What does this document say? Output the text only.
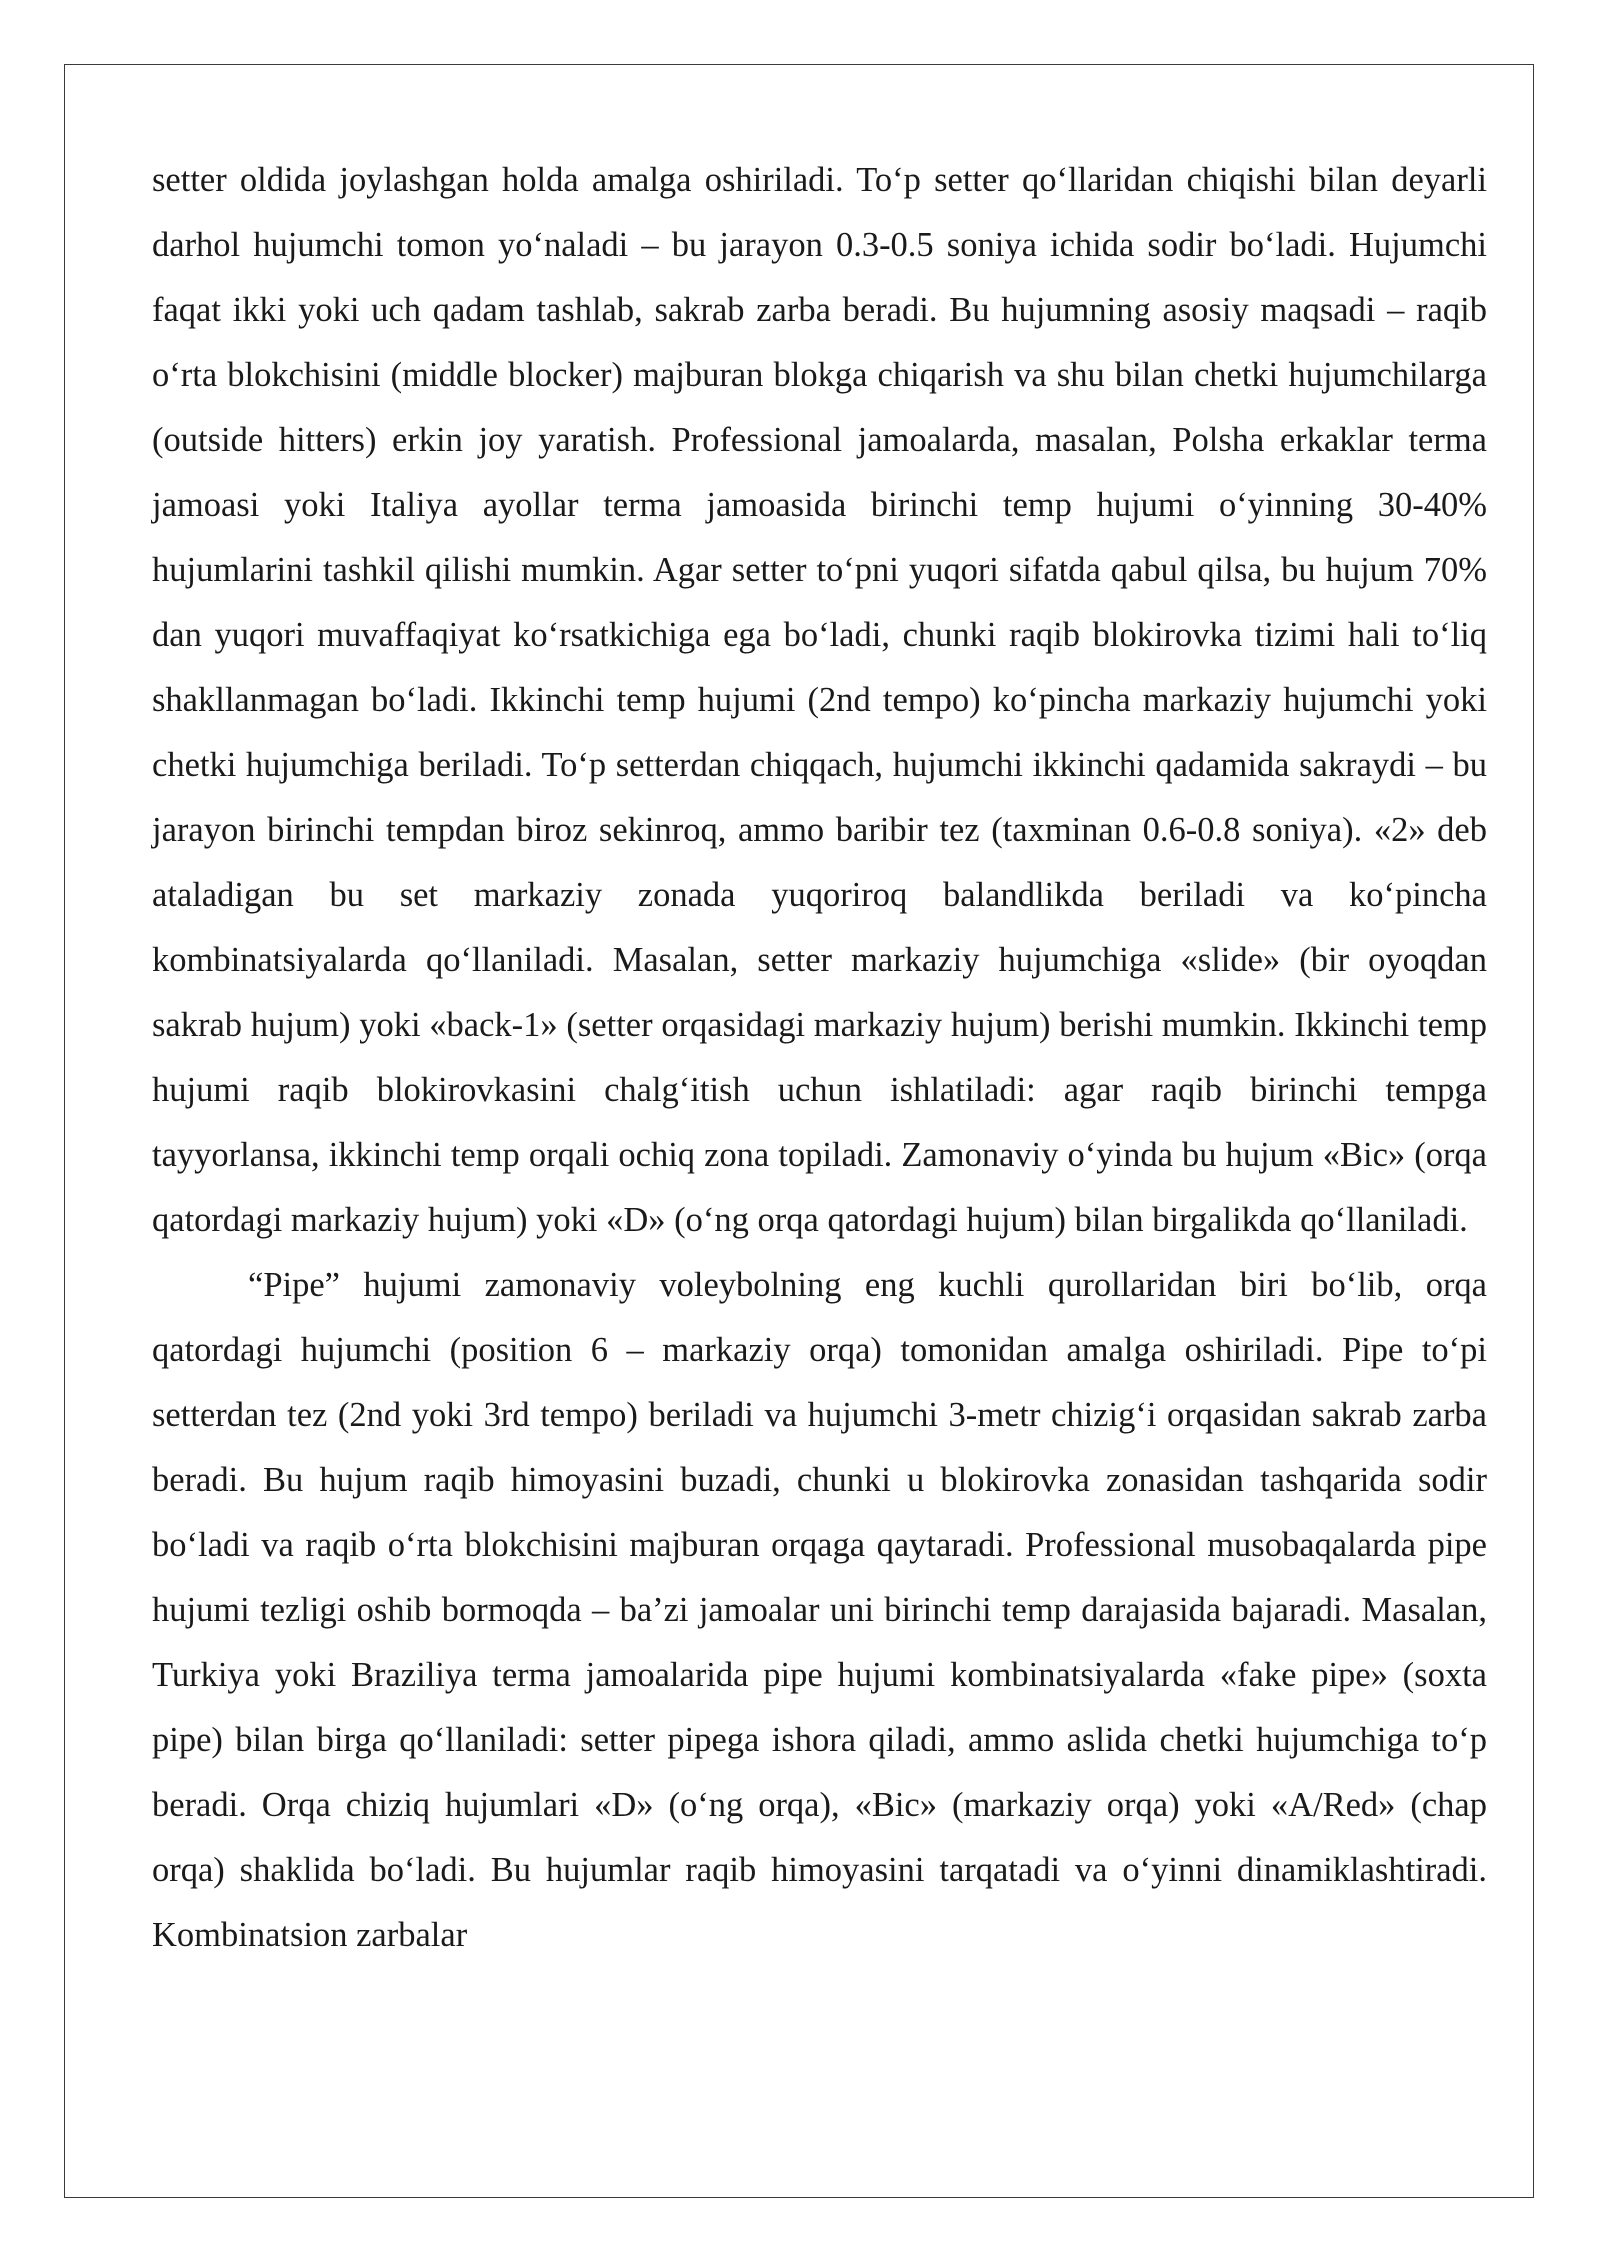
setter oldida joylashgan holda amalga oshiriladi. To‘p setter qo‘llaridan chiqishi bilan deyarli darhol hujumchi tomon yo‘naladi – bu jarayon 0.3-0.5 soniya ichida sodir bo‘ladi. Hujumchi faqat ikki yoki uch qadam tashlab, sakrab zarba beradi. Bu hujumning asosiy maqsadi – raqib o‘rta blokchisini (middle blocker) majburan blokga chiqarish va shu bilan chetki hujumchilarga (outside hitters) erkin joy yaratish. Professional jamoalarda, masalan, Polsha erkaklar terma jamoasi yoki Italiya ayollar terma jamoasida birinchi temp hujumi o‘yinning 30-40% hujumlarini tashkil qilishi mumkin. Agar setter to‘pni yuqori sifatda qabul qilsa, bu hujum 70% dan yuqori muvaffaqiyat ko‘rsatkichiga ega bo‘ladi, chunki raqib blokirovka tizimi hali to‘liq shakllanmagan bo‘ladi. Ikkinchi temp hujumi (2nd tempo) ko‘pincha markaziy hujumchi yoki chetki hujumchiga beriladi. To‘p setterdan chiqqach, hujumchi ikkinchi qadamida sakraydi – bu jarayon birinchi tempdan biroz sekinroq, ammo baribir tez (taxminan 0.6-0.8 soniya). «2» deb ataladigan bu set markaziy zonada yuqoriroq balandlikda beriladi va ko‘pincha kombinatsiyalarda qo‘llaniladi. Masalan, setter markaziy hujumchiga «slide» (bir oyoqdan sakrab hujum) yoki «back-1» (setter orqasidagi markaziy hujum) berishi mumkin. Ikkinchi temp hujumi raqib blokirovkasini chalg‘itish uchun ishlatiladi: agar raqib birinchi tempga tayyorlansa, ikkinchi temp orqali ochiq zona topiladi. Zamonaviy o‘yinda bu hujum «Bic» (orqa qatordagi markaziy hujum) yoki «D» (o‘ng orqa qatordagi hujum) bilan birgalikda qo‘llaniladi.

“Pipe” hujumi zamonaviy voleybolning eng kuchli qurollaridan biri bo‘lib, orqa qatordagi hujumchi (position 6 – markaziy orqa) tomonidan amalga oshiriladi. Pipe to‘pi setterdan tez (2nd yoki 3rd tempo) beriladi va hujumchi 3-metr chizig‘i orqasidan sakrab zarba beradi. Bu hujum raqib himoyasini buzadi, chunki u blokirovka zonasidan tashqarida sodir bo‘ladi va raqib o‘rta blokchisini majburan orqaga qaytaradi. Professional musobaqalarda pipe hujumi tezligi oshib bormoqda – ba’zi jamoalar uni birinchi temp darajasida bajaradi. Masalan, Turkiya yoki Braziliya terma jamoalarida pipe hujumi kombinatsiyalarda «fake pipe» (soxta pipe) bilan birga qo‘llaniladi: setter pipega ishora qiladi, ammo aslida chetki hujumchiga to‘p beradi. Orqa chiziq hujumlari «D» (o‘ng orqa), «Bic» (markaziy orqa) yoki «A/Red» (chap orqa) shaklida bo‘ladi. Bu hujumlar raqib himoyasini tarqatadi va o‘yinni dinamiklashtiradi. Kombinatsion zarbalar
